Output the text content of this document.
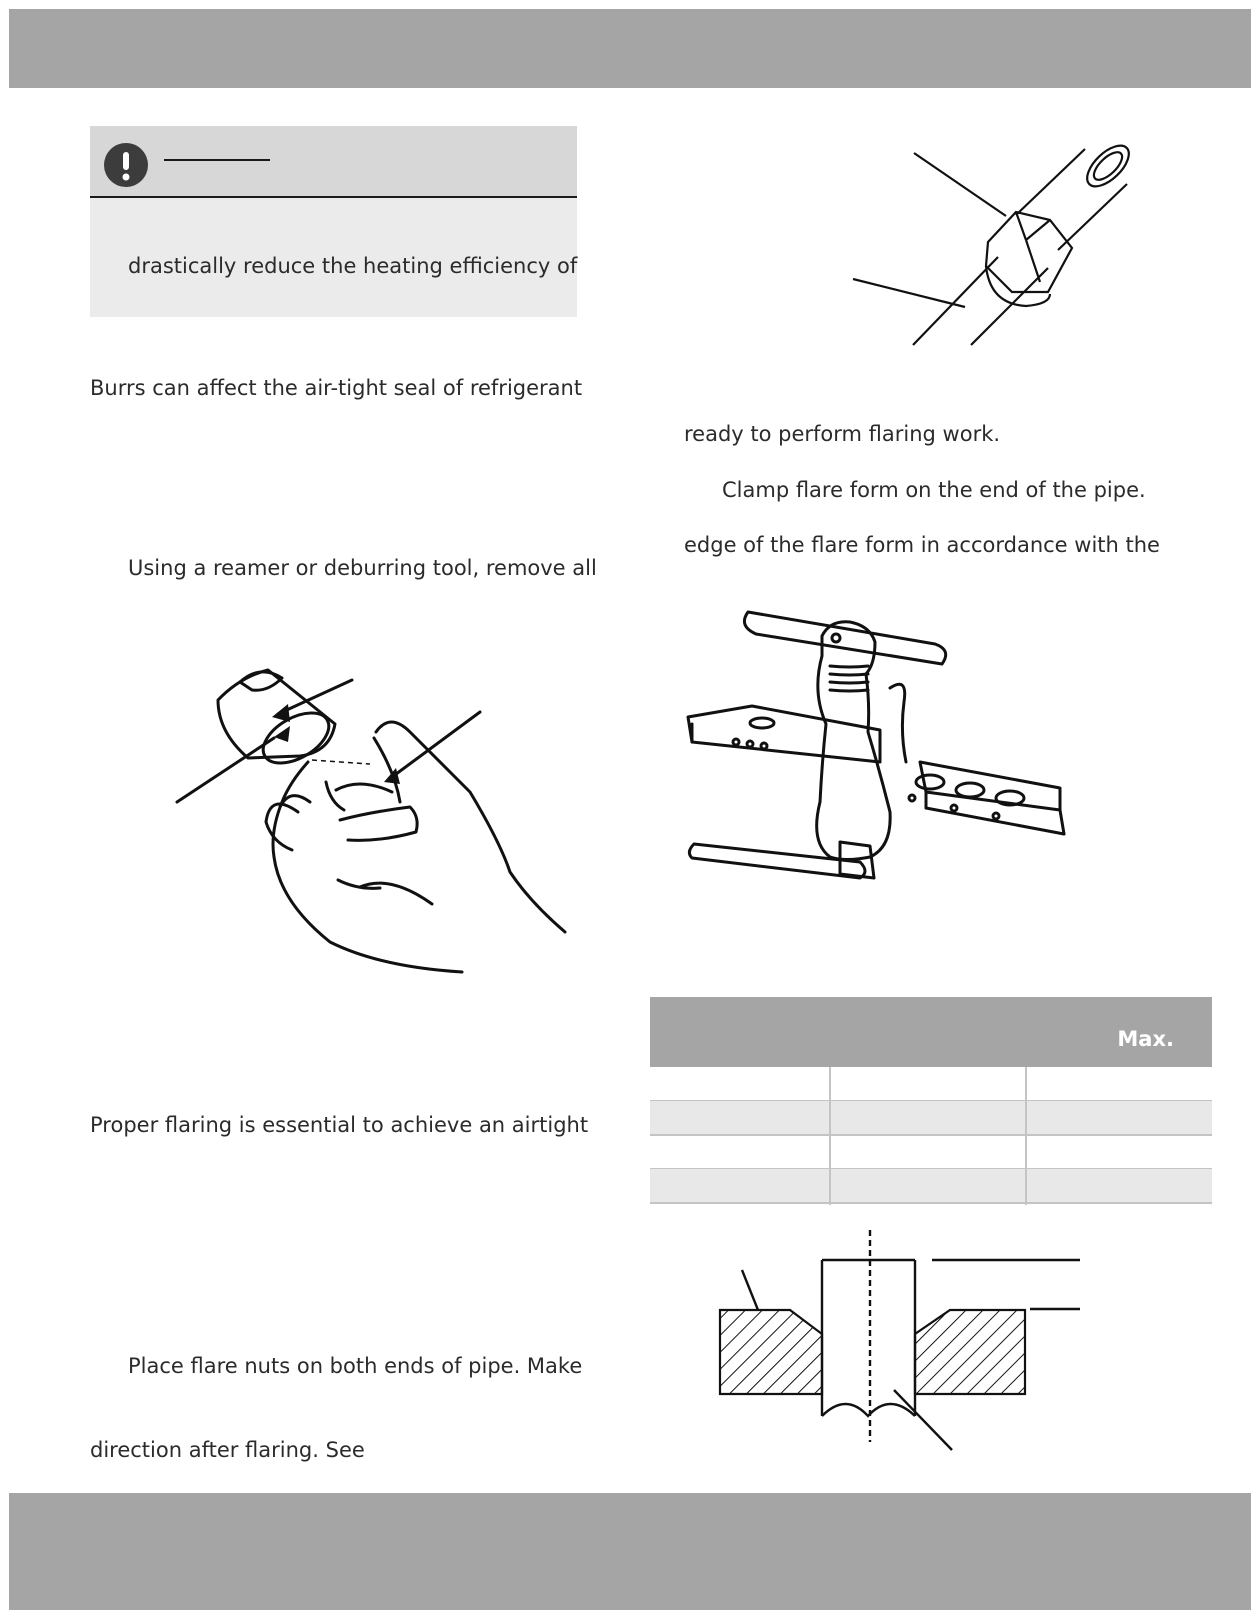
drastically reduce the heating efficiency of
Burrs can affect the air-tight seal of refrigerant
Using a reamer or deburring tool, remove all
Proper flaring is essential to achieve an airtight
Place flare nuts on both ends of pipe. Make
direction after flaring. See
ready to perform flaring work.
Clamp flare form on the end of the pipe.
edge of the flare form in accordance with the
Max.
